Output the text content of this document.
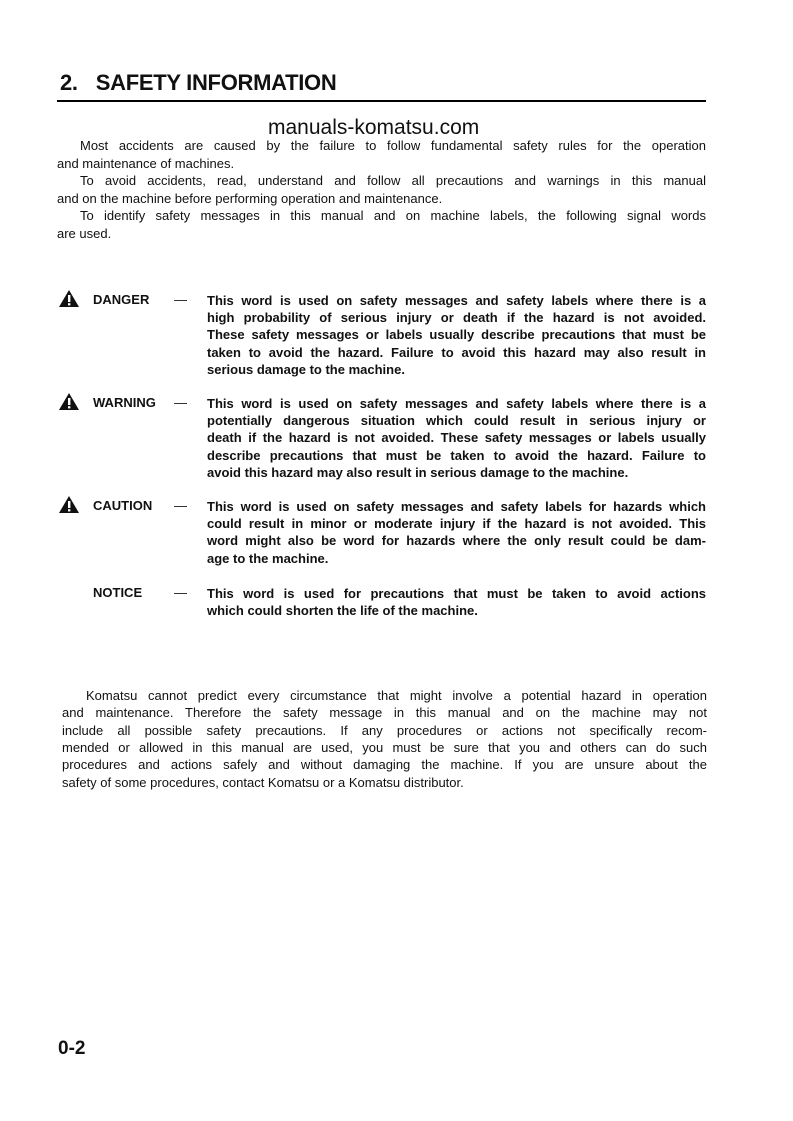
2. SAFETY INFORMATION
manuals-komatsu.com
Most accidents are caused by the failure to follow fundamental safety rules for the operation
and maintenance of machines.
To avoid accidents, read, understand and follow all precautions and warnings in this manual
and on the machine before performing operation and maintenance.
To identify safety messages in this manual and on machine labels, the following signal words
are used.
DANGER — This word is used on safety messages and safety labels where there is a
high probability of serious injury or death if the hazard is not avoided.
These safety messages or labels usually describe precautions that must be
taken to avoid the hazard. Failure to avoid this hazard may also result in
serious damage to the machine.
WARNING — This word is used on safety messages and safety labels where there is a
potentially dangerous situation which could result in serious injury or
death if the hazard is not avoided. These safety messages or labels usually
describe precautions that must be taken to avoid the hazard. Failure to
avoid this hazard may also result in serious damage to the machine.
CAUTION — This word is used on safety messages and safety labels for hazards which
could result in minor or moderate injury if the hazard is not avoided. This
word might also be word for hazards where the only result could be dam-
age to the machine.
NOTICE — This word is used for precautions that must be taken to avoid actions
which could shorten the life of the machine.
Komatsu cannot predict every circumstance that might involve a potential hazard in operation
and maintenance. Therefore the safety message in this manual and on the machine may not
include all possible safety precautions. If any procedures or actions not specifically recom-
mended or allowed in this manual are used, you must be sure that you and others can do such
procedures and actions safely and without damaging the machine. If you are unsure about the
safety of some procedures, contact Komatsu or a Komatsu distributor.
0-2
